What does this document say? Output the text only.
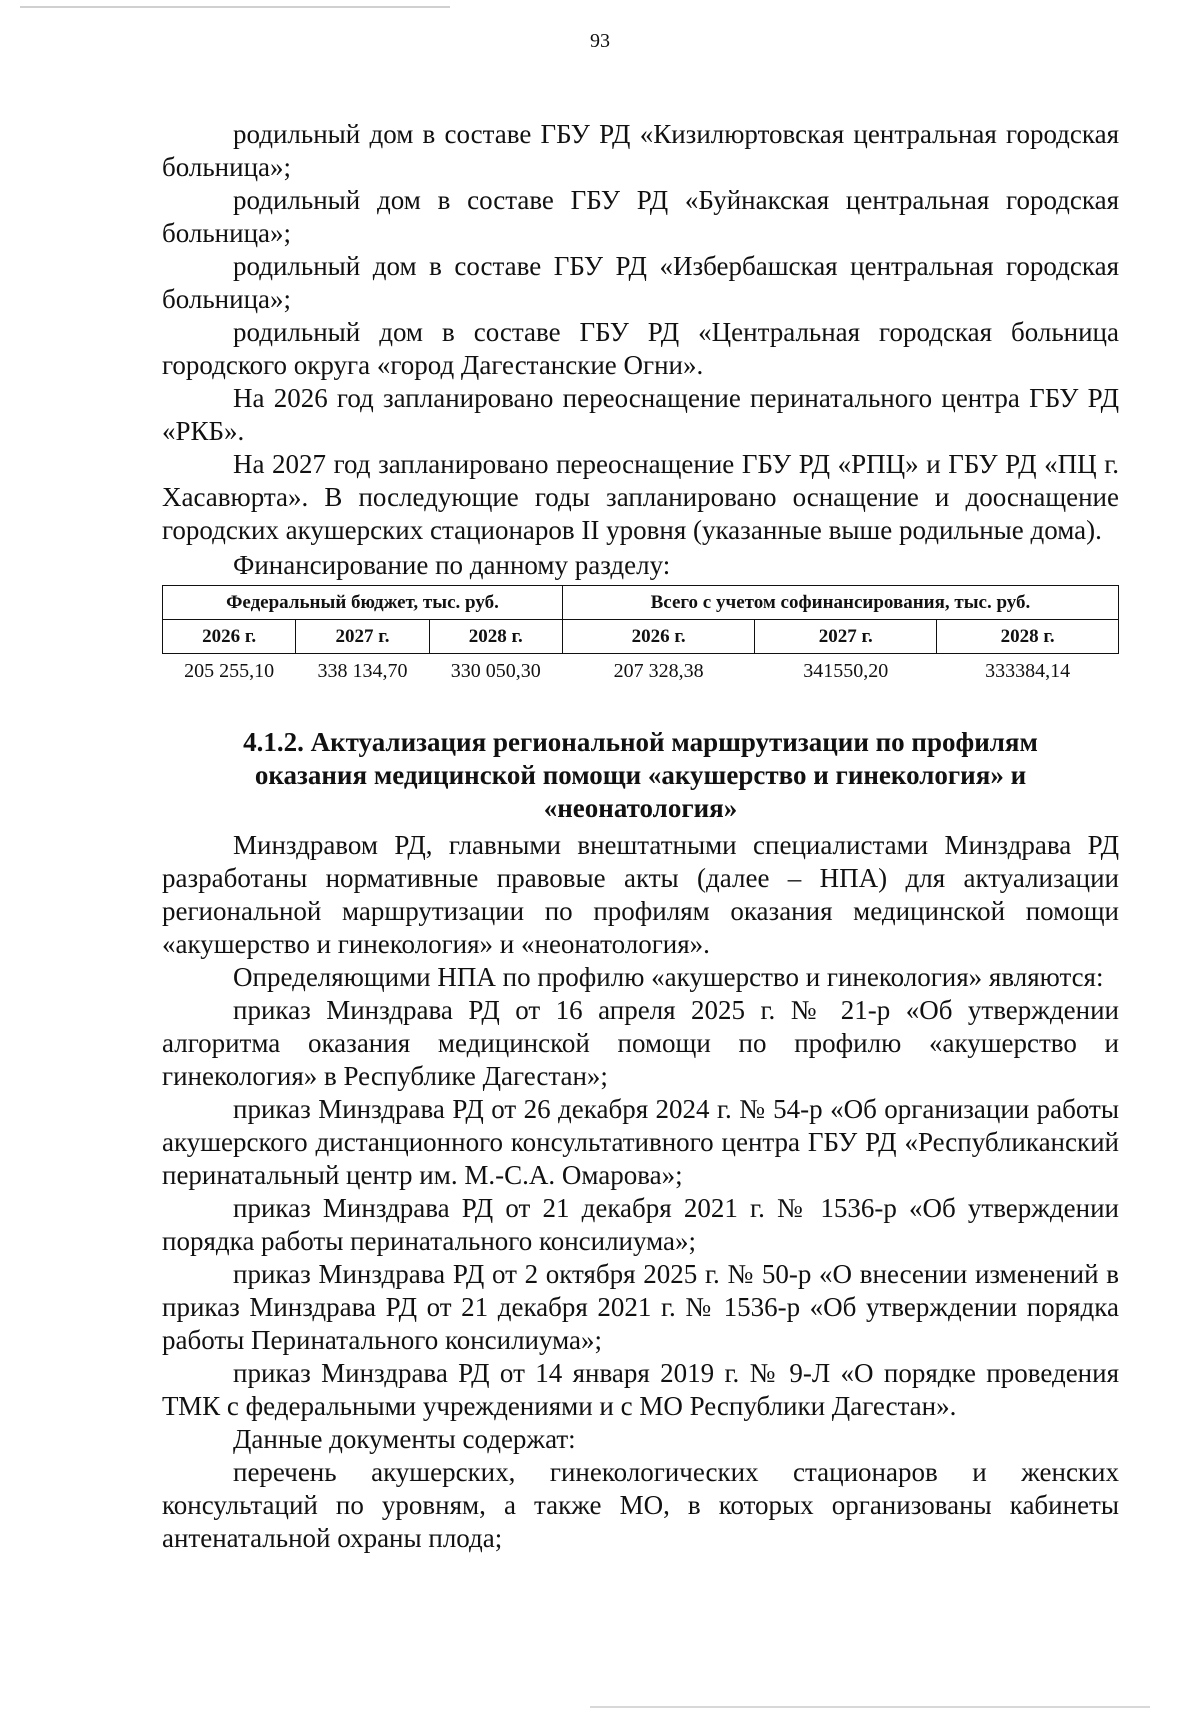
93

родильный дом в составе ГБУ РД «Кизилюртовская центральная городская больница»;

родильный дом в составе ГБУ РД «Буйнакская центральная городская больница»;

родильный дом в составе ГБУ РД «Избербашская центральная городская больница»;

родильный дом в составе ГБУ РД «Центральная городская больница городского округа «город Дагестанские Огни».

На 2026 год запланировано переоснащение перинатального центра ГБУ РД «РКБ».

На 2027 год запланировано переоснащение ГБУ РД «РПЦ» и ГБУ РД «ПЦ г. Хасавюрта». В последующие годы запланировано оснащение и дооснащение городских акушерских стационаров II уровня (указанные выше родильные дома).

Финансирование по данному разделу:

Федеральный бюджет, тыс. руб.			Всего с учетом софинансирования, тыс. руб.		
2026 г.	2027 г.	2028 г.	2026 г.	2027 г.	2028 г.
205 255,10	338 134,70	330 050,30	207 328,38	341550,20	333384,14
4.1.2. Актуализация региональной маршрутизации по профилям оказания медицинской помощи «акушерство и гинекология» и «неонатология»

Минздравом РД, главными внештатными специалистами Минздрава РД разработаны нормативные правовые акты (далее – НПА) для актуализации региональной маршрутизации по профилям оказания медицинской помощи «акушерство и гинекология» и «неонатология».

Определяющими НПА по профилю «акушерство и гинекология» являются:

приказ Минздрава РД от 16 апреля 2025 г. № 21-р «Об утверждении алгоритма оказания медицинской помощи по профилю «акушерство и гинекология» в Республике Дагестан»;

приказ Минздрава РД от 26 декабря 2024 г. № 54-р «Об организации работы акушерского дистанционного консультативного центра ГБУ РД «Республиканский перинатальный центр им. М.-С.А. Омарова»;

приказ Минздрава РД от 21 декабря 2021 г. № 1536-р «Об утверждении порядка работы перинатального консилиума»;

приказ Минздрава РД от 2 октября 2025 г. № 50-р «О внесении изменений в приказ Минздрава РД от 21 декабря 2021 г. № 1536-р «Об утверждении порядка работы Перинатального консилиума»;

приказ Минздрава РД от 14 января 2019 г. № 9-Л «О порядке проведения ТМК с федеральными учреждениями и с МО Республики Дагестан».

Данные документы содержат:

перечень акушерских, гинекологических стационаров и женских консультаций по уровням, а также МО, в которых организованы кабинеты антенатальной охраны плода;
